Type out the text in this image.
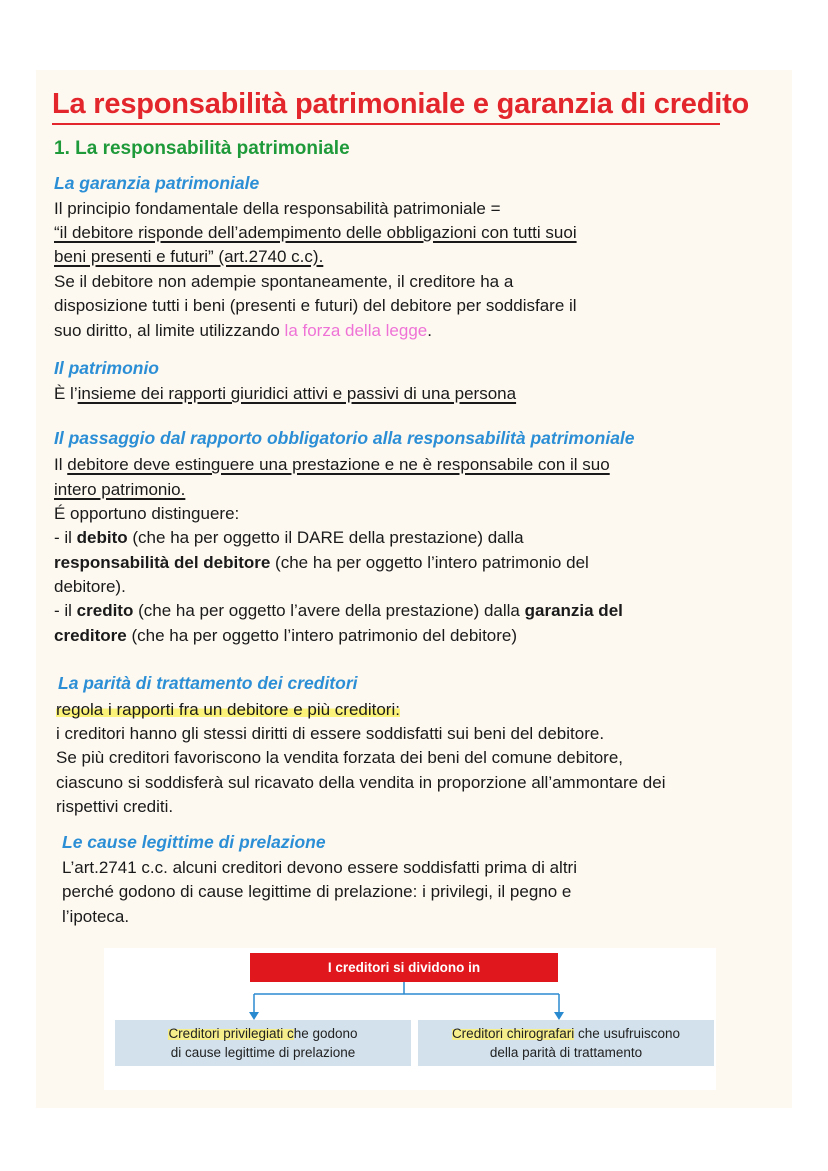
La responsabilità patrimoniale e garanzia di credito
1. La responsabilità patrimoniale
La garanzia patrimoniale
Il principio fondamentale della responsabilità patrimoniale =
“il debitore risponde dell’adempimento delle obbligazioni con tutti suoi
beni presenti e futuri” (art.2740 c.c).
Se il debitore non adempie spontaneamente, il creditore ha a
disposizione tutti i beni (presenti e futuri) del debitore per soddisfare il
suo diritto, al limite utilizzando la forza della legge.
Il patrimonio
È l’insieme dei rapporti giuridici attivi e passivi di una persona
Il passaggio dal rapporto obbligatorio alla responsabilità patrimoniale
Il debitore deve estinguere una prestazione e ne è responsabile con il suo
intero patrimonio.
É opportuno distinguere:
- il debito (che ha per oggetto il DARE della prestazione) dalla
responsabilità del debitore (che ha per oggetto l’intero patrimonio del
debitore).
- il credito (che ha per oggetto l’avere della prestazione) dalla garanzia del
creditore (che ha per oggetto l’intero patrimonio del debitore)
La parità di trattamento dei creditori
regola i rapporti fra un debitore e più creditori:
i creditori hanno gli stessi diritti di essere soddisfatti sui beni del debitore.
Se più creditori favoriscono la vendita forzata dei beni del comune debitore,
ciascuno si soddisferà sul ricavato della vendita in proporzione all’ammontare dei
rispettivi crediti.
Le cause legittime di prelazione
L’art.2741 c.c. alcuni creditori devono essere soddisfatti prima di altri
perché godono di cause legittime di prelazione: i privilegi, il pegno e
l’ipoteca.
I creditori si dividono in
Creditori privilegiati che godono
di cause legittime di prelazione
Creditori chirografari che usufruiscono
della parità di trattamento
